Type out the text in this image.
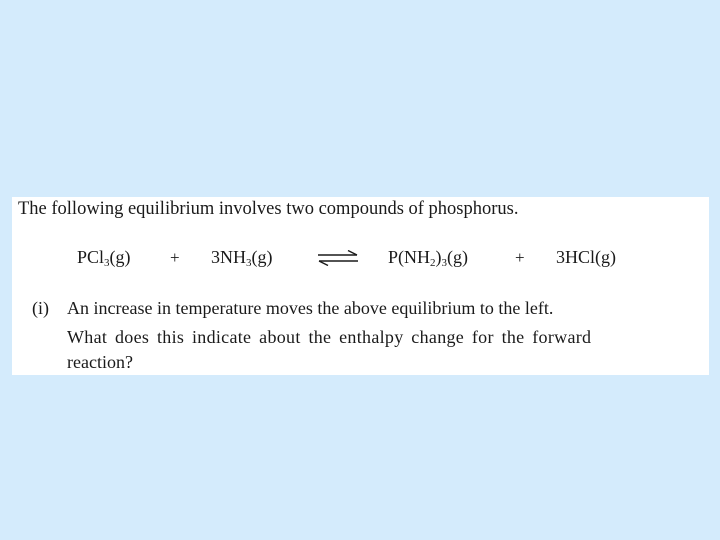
The following equilibrium involves two compounds of phosphorus.
$PCl_3(g) + 3NH_3(g)$	$P(NH_2)_3(g)$	+ 3HCl(g)
(i) An increase in temperature moves the above equilibrium to the left.
What does this indicate about the enthalpy change for the forward
reaction?
